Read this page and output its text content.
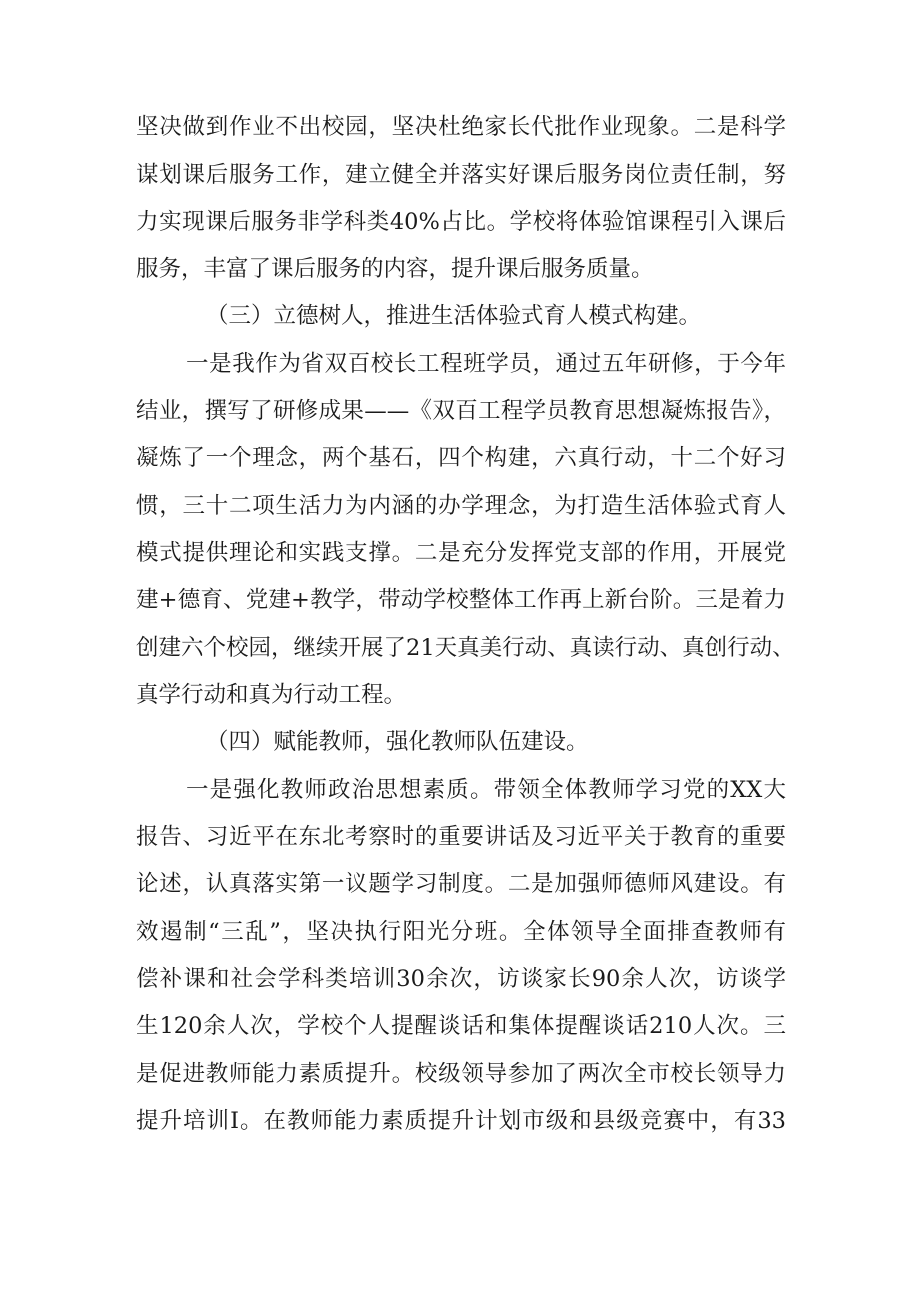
坚决做到作业不出校园，坚决杜绝家长代批作业现象。二是科学
谋划课后服务工作，建立健全并落实好课后服务岗位责任制，努
力实现课后服务非学科类40%占比。学校将体验馆课程引入课后
服务，丰富了课后服务的内容，提升课后服务质量。
（三）立德树人，推进生活体验式育人模式构建。
一是我作为省双百校长工程班学员，通过五年研修，于今年
结业，撰写了研修成果——《双百工程学员教育思想凝炼报告》，
凝炼了一个理念，两个基石，四个构建，六真行动，十二个好习
惯，三十二项生活力为内涵的办学理念，为打造生活体验式育人
模式提供理论和实践支撑。二是充分发挥党支部的作用，开展党
建+德育、党建+教学，带动学校整体工作再上新台阶。三是着力
创建六个校园，继续开展了21天真美行动、真读行动、真创行动、
真学行动和真为行动工程。
（四）赋能教师，强化教师队伍建设。
一是强化教师政治思想素质。带领全体教师学习党的XX大
报告、习近平在东北考察时的重要讲话及习近平关于教育的重要
论述，认真落实第一议题学习制度。二是加强师德师风建设。有
效遏制“三乱”，坚决执行阳光分班。全体领导全面排查教师有
偿补课和社会学科类培训30余次，访谈家长90余人次，访谈学
生120余人次，学校个人提醒谈话和集体提醒谈话210人次。三
是促进教师能力素质提升。校级领导参加了两次全市校长领导力
提升培训I。在教师能力素质提升计划市级和县级竞赛中，有33
